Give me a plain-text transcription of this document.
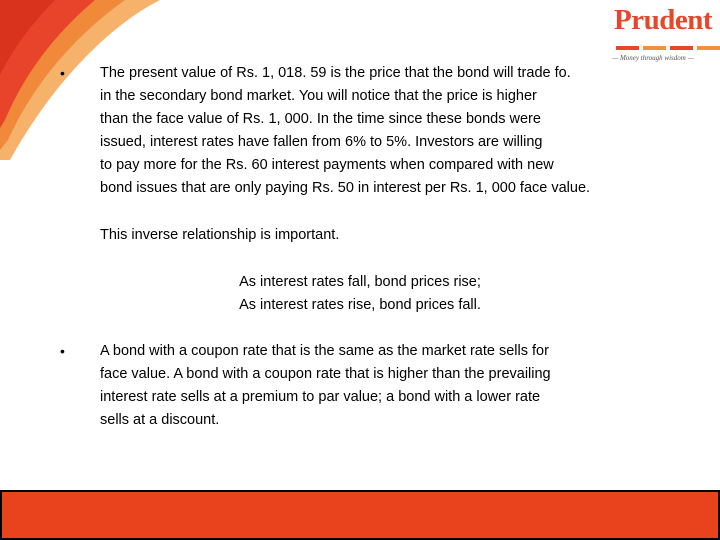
Prudent
— Money through wisdom —
• The present value of Rs. 1, 018. 59 is the price that the bond will trade fo.
in the secondary bond market. You will notice that the price is higher
than the face value of Rs. 1, 000. In the time since these bonds were
issued, interest rates have fallen from 6% to 5%. Investors are willing
to pay more for the Rs. 60 interest payments when compared with new
bond issues that are only paying Rs. 50 in interest per Rs. 1, 000 face value.
This inverse relationship is important.
As interest rates fall, bond prices rise;
As interest rates rise, bond prices fall.
• A bond with a coupon rate that is the same as the market rate sells for
face value. A bond with a coupon rate that is higher than the prevailing
interest rate sells at a premium to par value; a bond with a lower rate
sells at a discount.
